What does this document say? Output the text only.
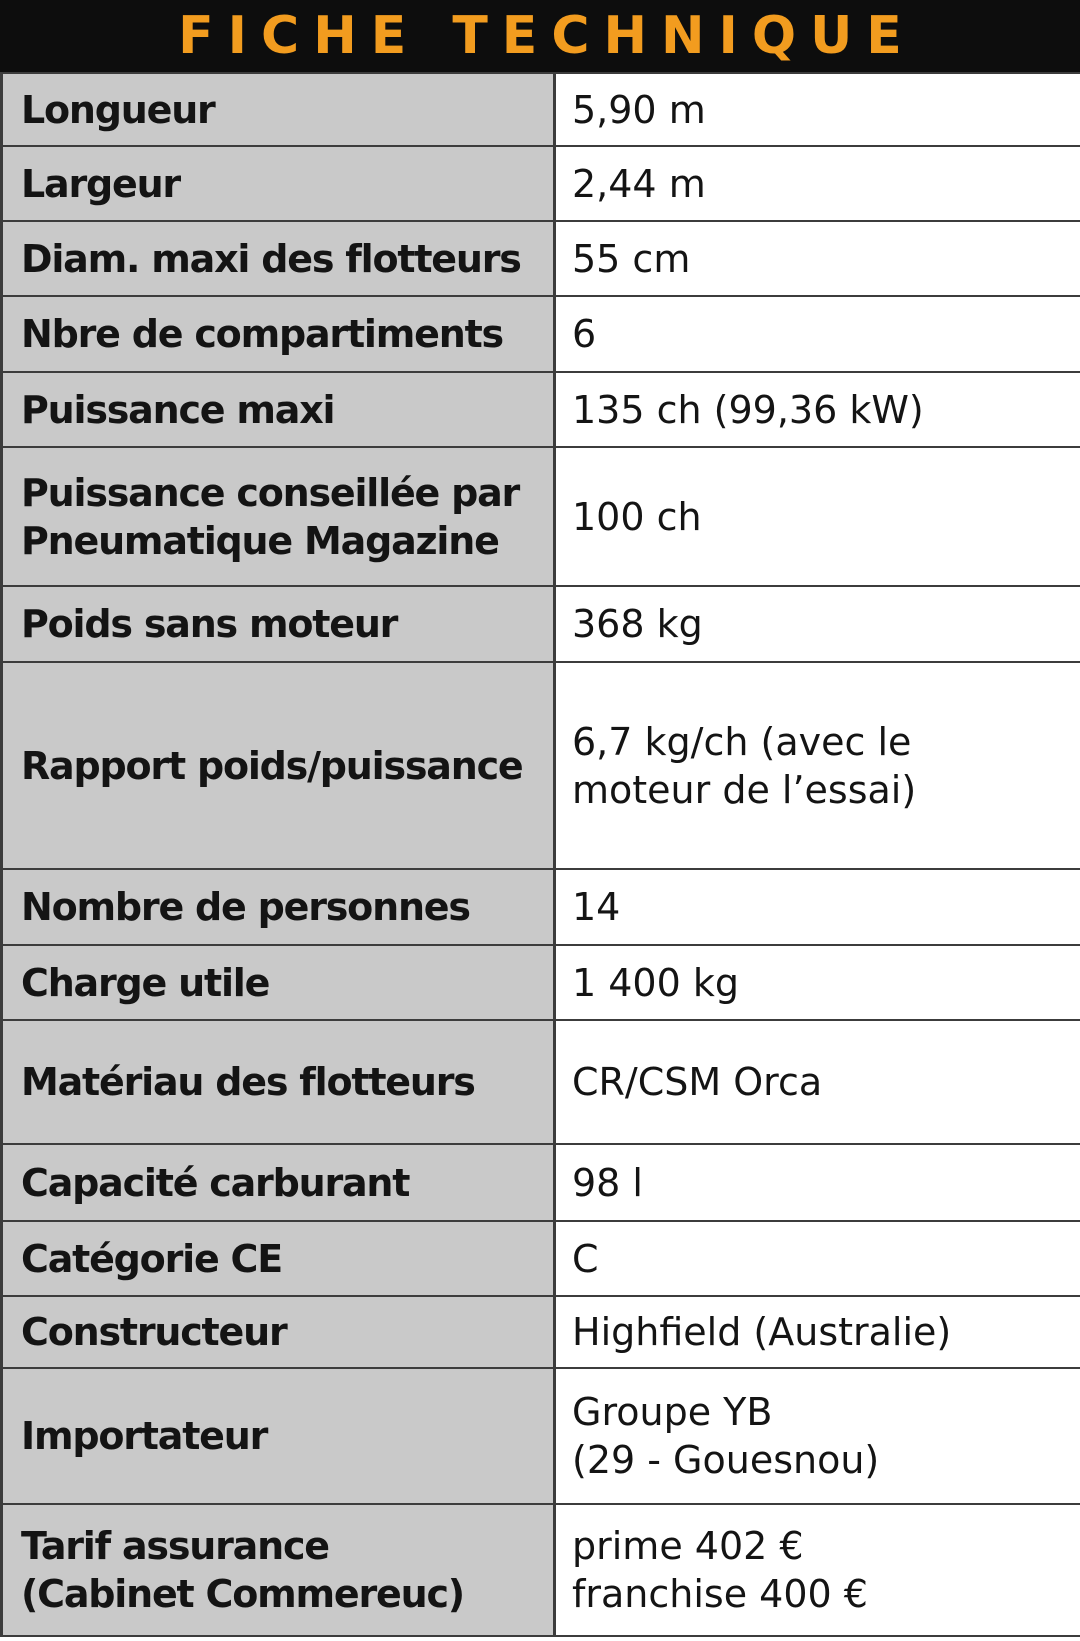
FICHE TECHNIQUE
Longueur	5,90 m
Largeur	2,44 m
Diam. maxi des flotteurs	55 cm
Nbre de compartiments	6
Puissance maxi	135 ch (99,36 kW)
Puissance conseillée par
Pneumatique Magazine	100 ch
Poids sans moteur	368 kg
Rapport poids/puissance	6,7 kg/ch (avec le
moteur de l’essai)
Nombre de personnes	14
Charge utile	1 400 kg
Matériau des flotteurs	CR/CSM Orca
Capacité carburant	98 l
Catégorie CE	C
Constructeur	Highfield (Australie)
Importateur	Groupe YB
(29 - Gouesnou)
Tarif assurance
(Cabinet Commereuc)	prime 402 €
franchise 400 €
